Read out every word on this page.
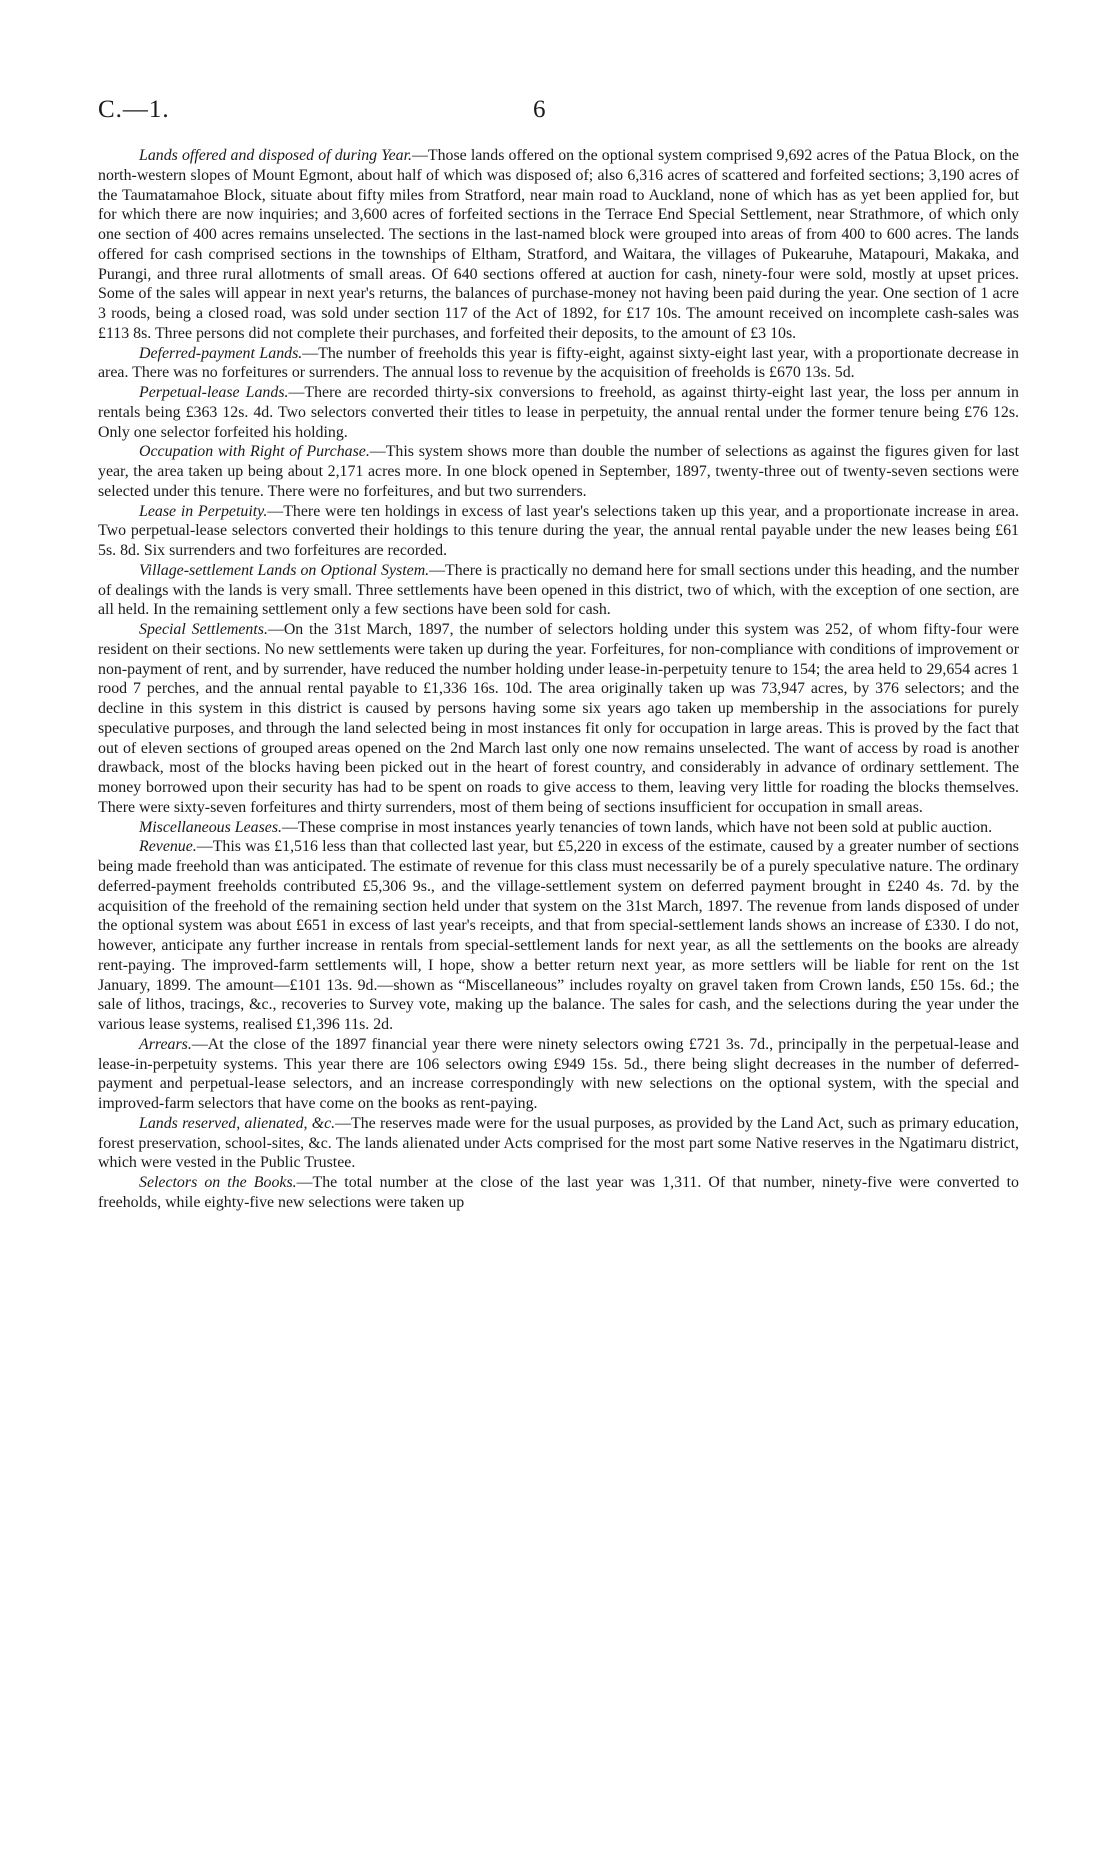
C.—1.	6

Lands offered and disposed of during Year.—Those lands offered on the optional system comprised 9,692 acres of the Patua Block, on the north-western slopes of Mount Egmont, about half of which was disposed of; also 6,316 acres of scattered and forfeited sections; 3,190 acres of the Taumatamahoe Block, situate about fifty miles from Stratford, near main road to Auckland, none of which has as yet been applied for, but for which there are now inquiries; and 3,600 acres of forfeited sections in the Terrace End Special Settlement, near Strathmore, of which only one section of 400 acres remains unselected. The sections in the last-named block were grouped into areas of from 400 to 600 acres. The lands offered for cash comprised sections in the townships of Eltham, Stratford, and Waitara, the villages of Pukearuhe, Matapouri, Makaka, and Purangi, and three rural allotments of small areas. Of 640 sections offered at auction for cash, ninety-four were sold, mostly at upset prices. Some of the sales will appear in next year's returns, the balances of purchase-money not having been paid during the year. One section of 1 acre 3 roods, being a closed road, was sold under section 117 of the Act of 1892, for £17 10s. The amount received on incomplete cash-sales was £113 8s. Three persons did not complete their purchases, and forfeited their deposits, to the amount of £3 10s.

Deferred-payment Lands.—The number of freeholds this year is fifty-eight, against sixty-eight last year, with a proportionate decrease in area. There was no forfeitures or surrenders. The annual loss to revenue by the acquisition of freeholds is £670 13s. 5d.

Perpetual-lease Lands.—There are recorded thirty-six conversions to freehold, as against thirty-eight last year, the loss per annum in rentals being £363 12s. 4d. Two selectors converted their titles to lease in perpetuity, the annual rental under the former tenure being £76 12s. Only one selector forfeited his holding.

Occupation with Right of Purchase.—This system shows more than double the number of selections as against the figures given for last year, the area taken up being about 2,171 acres more. In one block opened in September, 1897, twenty-three out of twenty-seven sections were selected under this tenure. There were no forfeitures, and but two surrenders.

Lease in Perpetuity.—There were ten holdings in excess of last year's selections taken up this year, and a proportionate increase in area. Two perpetual-lease selectors converted their holdings to this tenure during the year, the annual rental payable under the new leases being £61 5s. 8d. Six surrenders and two forfeitures are recorded.

Village-settlement Lands on Optional System.—There is practically no demand here for small sections under this heading, and the number of dealings with the lands is very small. Three settlements have been opened in this district, two of which, with the exception of one section, are all held. In the remaining settlement only a few sections have been sold for cash.

Special Settlements.—On the 31st March, 1897, the number of selectors holding under this system was 252, of whom fifty-four were resident on their sections. No new settlements were taken up during the year. Forfeitures, for non-compliance with conditions of improvement or non-payment of rent, and by surrender, have reduced the number holding under lease-in-perpetuity tenure to 154; the area held to 29,654 acres 1 rood 7 perches, and the annual rental payable to £1,336 16s. 10d. The area originally taken up was 73,947 acres, by 376 selectors; and the decline in this system in this district is caused by persons having some six years ago taken up membership in the associations for purely speculative purposes, and through the land selected being in most instances fit only for occupation in large areas. This is proved by the fact that out of eleven sections of grouped areas opened on the 2nd March last only one now remains unselected. The want of access by road is another drawback, most of the blocks having been picked out in the heart of forest country, and considerably in advance of ordinary settlement. The money borrowed upon their security has had to be spent on roads to give access to them, leaving very little for roading the blocks themselves. There were sixty-seven forfeitures and thirty surrenders, most of them being of sections insufficient for occupation in small areas.

Miscellaneous Leases.—These comprise in most instances yearly tenancies of town lands, which have not been sold at public auction.

Revenue.—This was £1,516 less than that collected last year, but £5,220 in excess of the estimate, caused by a greater number of sections being made freehold than was anticipated. The estimate of revenue for this class must necessarily be of a purely speculative nature. The ordinary deferred-payment freeholds contributed £5,306 9s., and the village-settlement system on deferred payment brought in £240 4s. 7d. by the acquisition of the freehold of the remaining section held under that system on the 31st March, 1897. The revenue from lands disposed of under the optional system was about £651 in excess of last year's receipts, and that from special-settlement lands shows an increase of £330. I do not, however, anticipate any further increase in rentals from special-settlement lands for next year, as all the settlements on the books are already rent-paying. The improved-farm settlements will, I hope, show a better return next year, as more settlers will be liable for rent on the 1st January, 1899. The amount—£101 13s. 9d.—shown as “Miscellaneous” includes royalty on gravel taken from Crown lands, £50 15s. 6d.; the sale of lithos, tracings, &c., recoveries to Survey vote, making up the balance. The sales for cash, and the selections during the year under the various lease systems, realised £1,396 11s. 2d.

Arrears.—At the close of the 1897 financial year there were ninety selectors owing £721 3s. 7d., principally in the perpetual-lease and lease-in-perpetuity systems. This year there are 106 selectors owing £949 15s. 5d., there being slight decreases in the number of deferred-payment and perpetual-lease selectors, and an increase correspondingly with new selections on the optional system, with the special and improved-farm selectors that have come on the books as rent-paying.

Lands reserved, alienated, &c.—The reserves made were for the usual purposes, as provided by the Land Act, such as primary education, forest preservation, school-sites, &c. The lands alienated under Acts comprised for the most part some Native reserves in the Ngatimaru district, which were vested in the Public Trustee.

Selectors on the Books.—The total number at the close of the last year was 1,311. Of that number, ninety-five were converted to freeholds, while eighty-five new selections were taken up
